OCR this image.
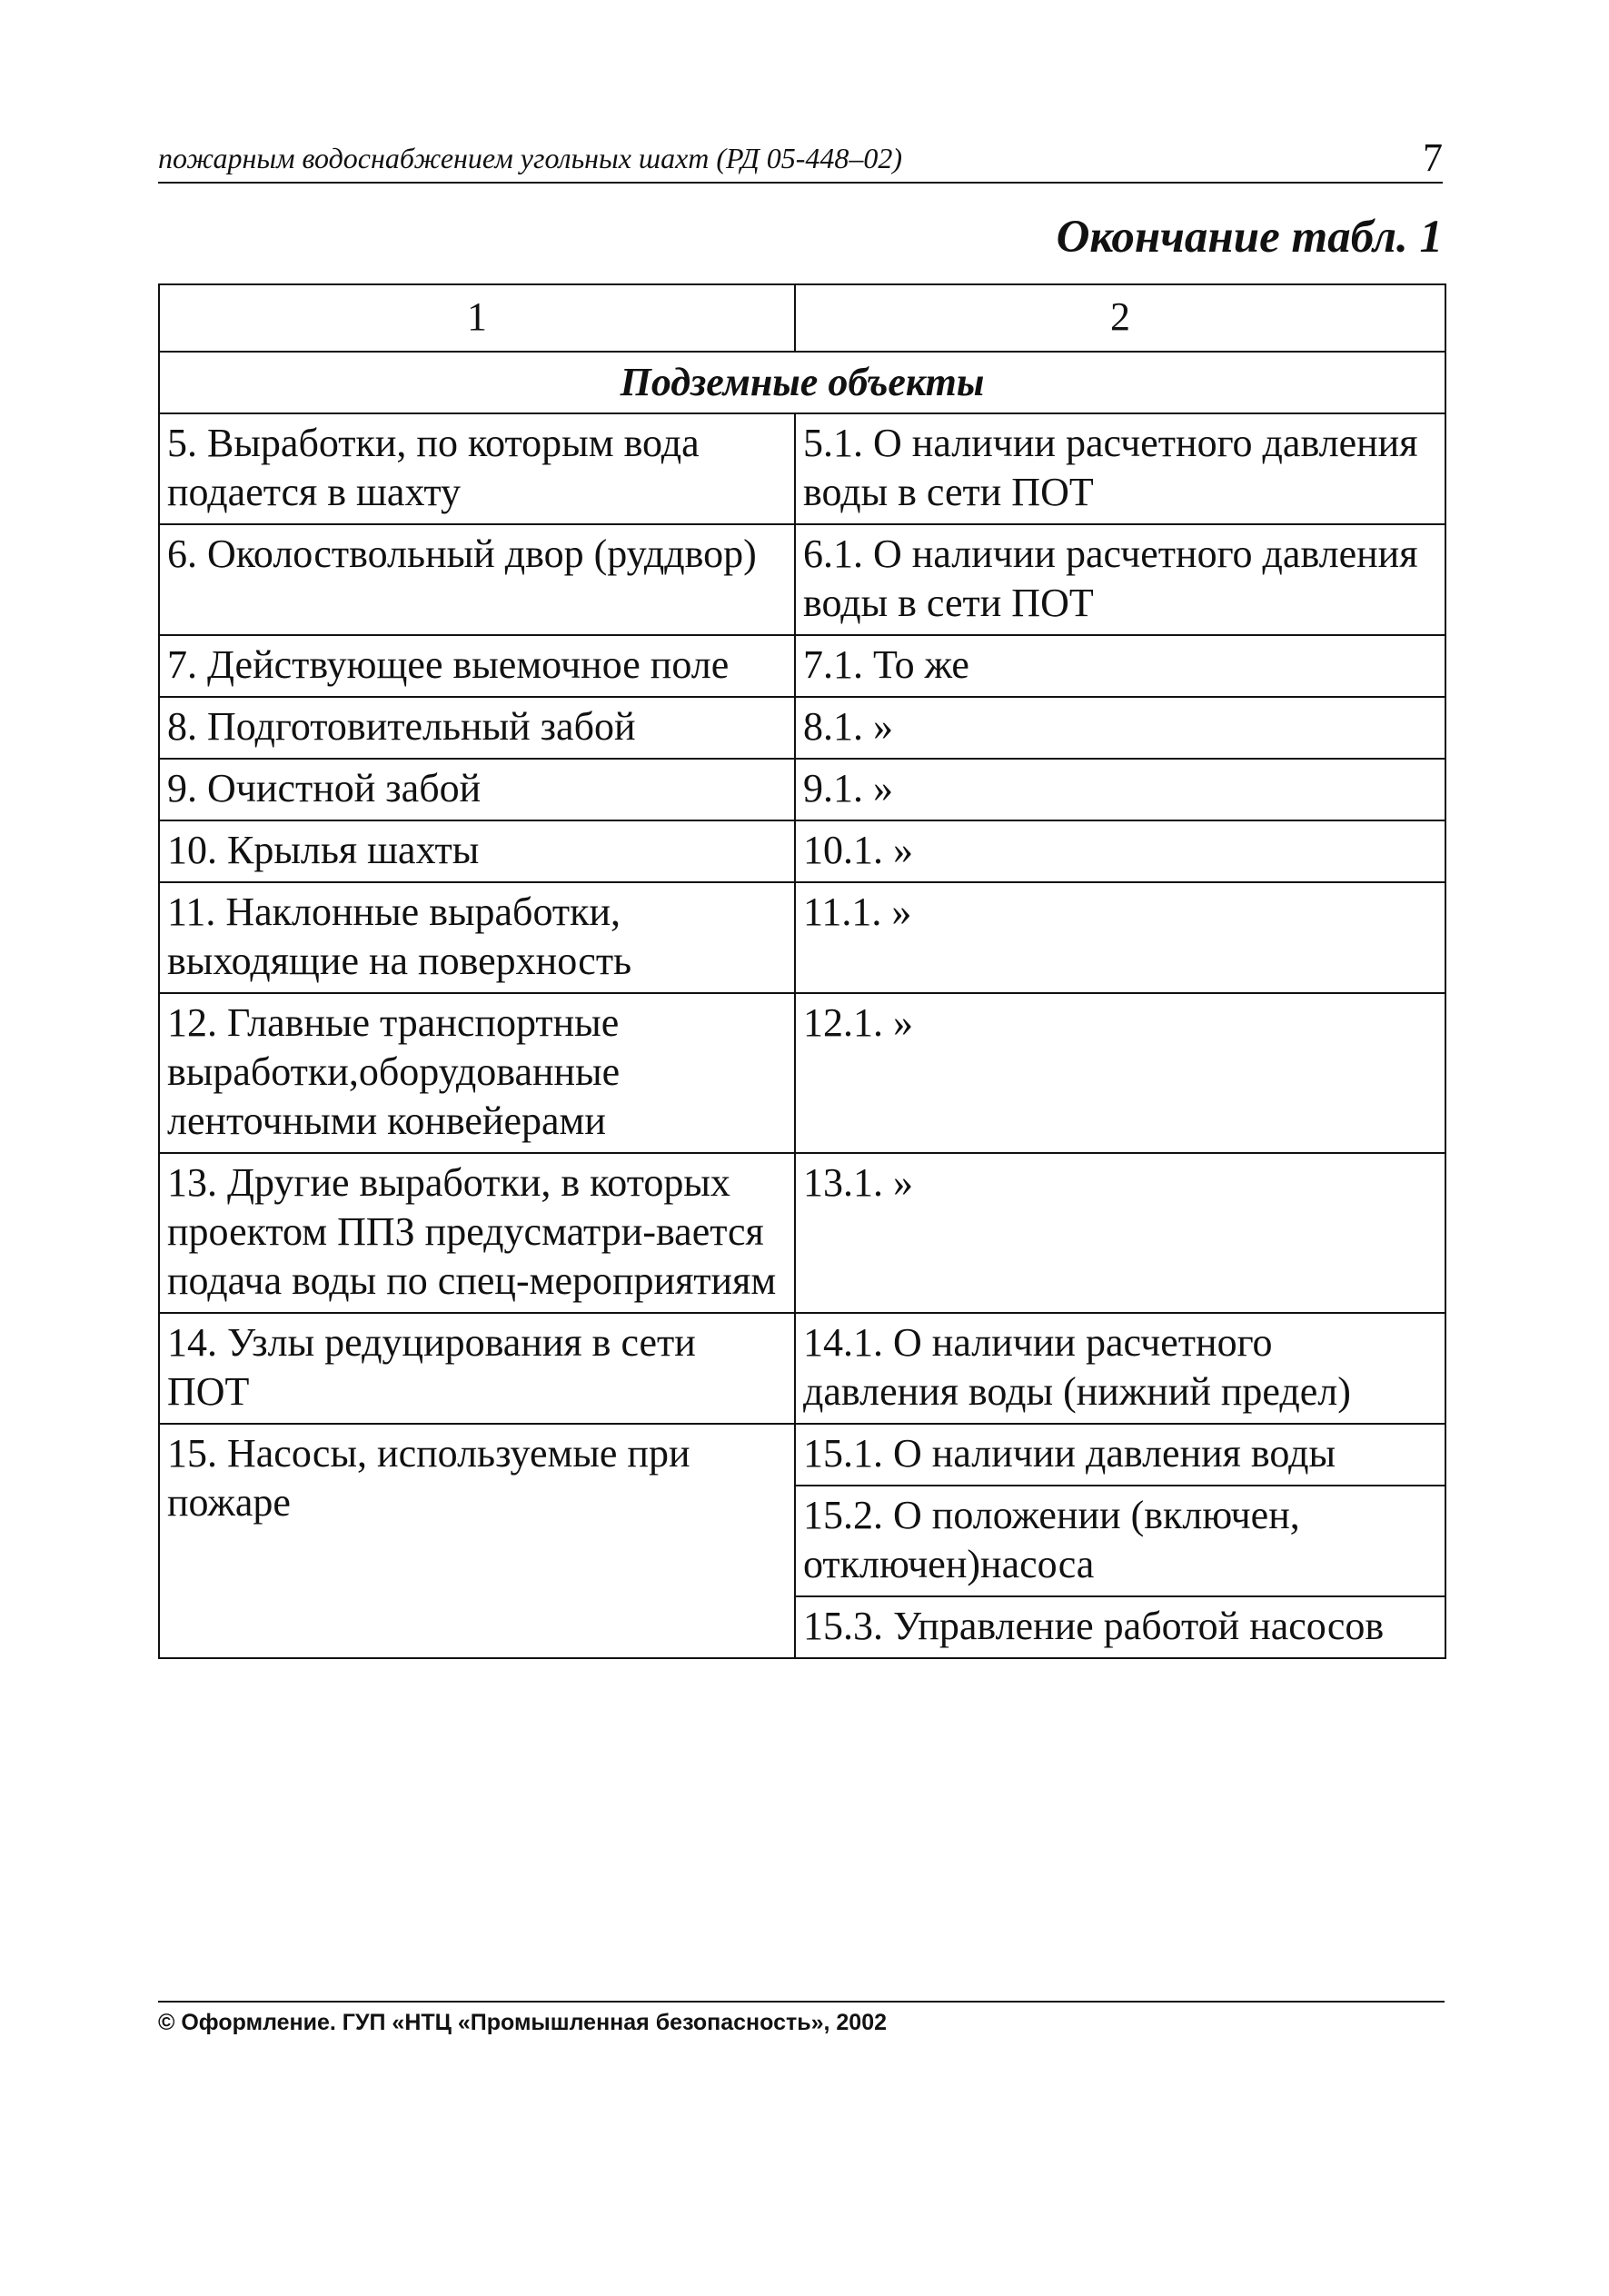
пожарным водоснабжением угольных шахт (РД 05-448–02)	7
Окончание табл. 1
1	2
Подземные объекты	
5. Выработки, по которым вода подается в шахту	5.1. О наличии расчетного давления воды в сети ПОТ
6. Околоствольный двор (руддвор)	6.1. О наличии расчетного давления воды в сети ПОТ
7. Действующее выемочное поле	7.1. То же
8. Подготовительный забой	8.1. »
9. Очистной забой	9.1. »
10. Крылья шахты	10.1. »
11. Наклонные выработки, выходящие на поверхность	11.1. »
12. Главные транспортные выработки,оборудованные ленточными конвейерами	12.1. »
13. Другие выработки, в которых проектом ППЗ предусматри-вается подача воды по спец-мероприятиям	13.1. »
14. Узлы редуцирования в сети ПОТ	14.1. О наличии расчетного давления воды (нижний предел)
15. Насосы, используемые при пожаре	15.1. О наличии давления воды
	15.2. О положении (включен, отключен)насоса
	15.3. Управление работой насосов
© Оформление. ГУП «НТЦ «Промышленная безопасность», 2002
